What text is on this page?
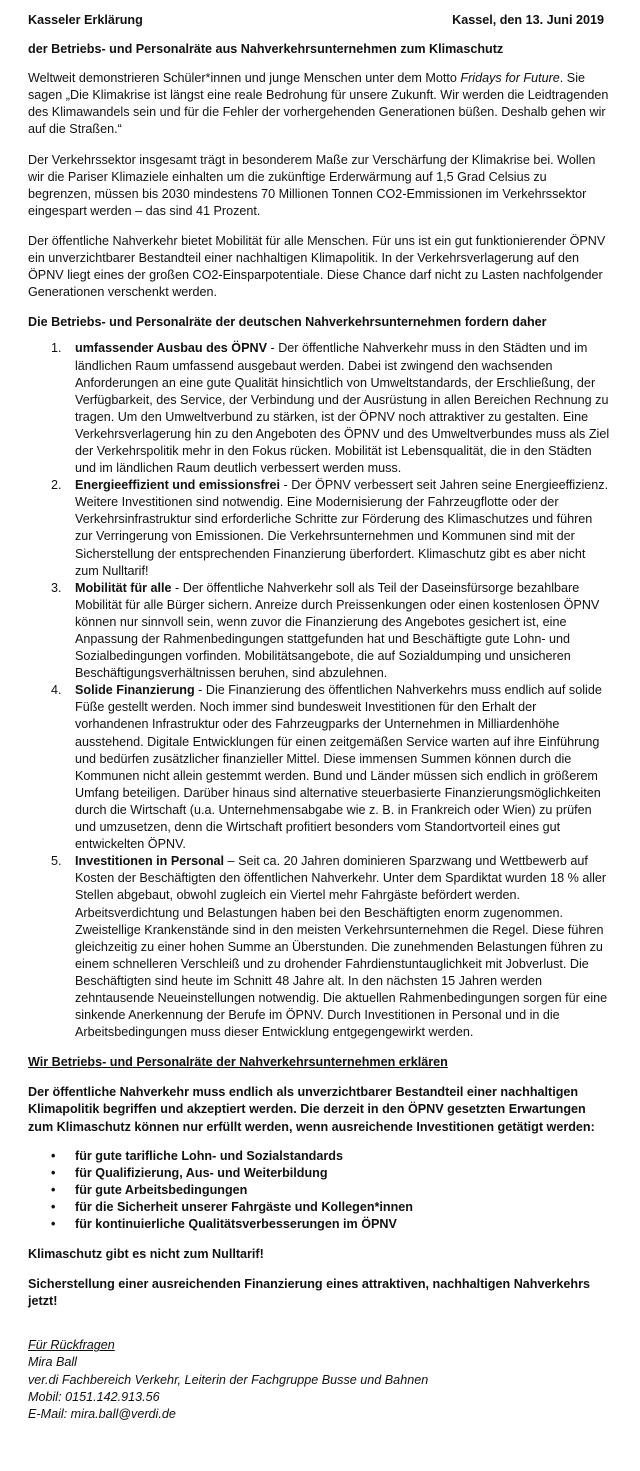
Kasseler Erklärung	Kassel, den 13. Juni 2019

der Betriebs- und Personalräte aus Nahverkehrsunternehmen zum Klimaschutz

Weltweit demonstrieren Schüler*innen und junge Menschen unter dem Motto Fridays for Future. Sie sagen „Die Klimakrise ist längst eine reale Bedrohung für unsere Zukunft. Wir werden die Leidtragenden des Klimawandels sein und für die Fehler der vorhergehenden Generationen büßen. Deshalb gehen wir auf die Straßen.“

Der Verkehrssektor insgesamt trägt in besonderem Maße zur Verschärfung der Klimakrise bei. Wollen wir die Pariser Klimaziele einhalten um die zukünftige Erderwärmung auf 1,5 Grad Celsius zu begrenzen, müssen bis 2030 mindestens 70 Millionen Tonnen CO2-Emmissionen im Verkehrssektor eingespart werden – das sind 41 Prozent.

Der öffentliche Nahverkehr bietet Mobilität für alle Menschen. Für uns ist ein gut funktionierender ÖPNV ein unverzichtbarer Bestandteil einer nachhaltigen Klimapolitik. In der Verkehrsverlagerung auf den ÖPNV liegt eines der großen CO2-Einsparpotentiale. Diese Chance darf nicht zu Lasten nachfolgender Generationen verschenkt werden.

Die Betriebs- und Personalräte der deutschen Nahverkehrsunternehmen fordern daher

1. umfassender Ausbau des ÖPNV - Der öffentliche Nahverkehr muss in den Städten und im ländlichen Raum umfassend ausgebaut werden. Dabei ist zwingend den wachsenden Anforderungen an eine gute Qualität hinsichtlich von Umweltstandards, der Erschließung, der Verfügbarkeit, des Service, der Verbindung und der Ausrüstung in allen Bereichen Rechnung zu tragen. Um den Umweltverbund zu stärken, ist der ÖPNV noch attraktiver zu gestalten. Eine Verkehrsverlagerung hin zu den Angeboten des ÖPNV und des Umweltverbundes muss als Ziel der Verkehrspolitik mehr in den Fokus rücken. Mobilität ist Lebensqualität, die in den Städten und im ländlichen Raum deutlich verbessert werden muss.
2. Energieeffizient und emissionsfrei - Der ÖPNV verbessert seit Jahren seine Energieeffizienz. Weitere Investitionen sind notwendig. Eine Modernisierung der Fahrzeugflotte oder der Verkehrsinfrastruktur sind erforderliche Schritte zur Förderung des Klimaschutzes und führen zur Verringerung von Emissionen. Die Verkehrsunternehmen und Kommunen sind mit der Sicherstellung der entsprechenden Finanzierung überfordert. Klimaschutz gibt es aber nicht zum Nulltarif!
3. Mobilität für alle - Der öffentliche Nahverkehr soll als Teil der Daseinsfürsorge bezahlbare Mobilität für alle Bürger sichern. Anreize durch Preissenkungen oder einen kostenlosen ÖPNV können nur sinnvoll sein, wenn zuvor die Finanzierung des Angebotes gesichert ist, eine Anpassung der Rahmenbedingungen stattgefunden hat und Beschäftigte gute Lohn- und Sozialbedingungen vorfinden. Mobilitätsangebote, die auf Sozialdumping und unsicheren Beschäftigungsverhältnissen beruhen, sind abzulehnen.
4. Solide Finanzierung - Die Finanzierung des öffentlichen Nahverkehrs muss endlich auf solide Füße gestellt werden. Noch immer sind bundesweit Investitionen für den Erhalt der vorhandenen Infrastruktur oder des Fahrzeugparks der Unternehmen in Milliardenhöhe ausstehend. Digitale Entwicklungen für einen zeitgemäßen Service warten auf ihre Einführung und bedürfen zusätzlicher finanzieller Mittel. Diese immensen Summen können durch die Kommunen nicht allein gestemmt werden. Bund und Länder müssen sich endlich in größerem Umfang beteiligen. Darüber hinaus sind alternative steuerbasierte Finanzierungsmöglichkeiten durch die Wirtschaft (u.a. Unternehmensabgabe wie z. B. in Frankreich oder Wien) zu prüfen und umzusetzen, denn die Wirtschaft profitiert besonders vom Standortvorteil eines gut entwickelten ÖPNV.
5. Investitionen in Personal – Seit ca. 20 Jahren dominieren Sparzwang und Wettbewerb auf Kosten der Beschäftigten den öffentlichen Nahverkehr. Unter dem Spardiktat wurden 18 % aller Stellen abgebaut, obwohl zugleich ein Viertel mehr Fahrgäste befördert werden. Arbeitsverdichtung und Belastungen haben bei den Beschäftigten enorm zugenommen. Zweistellige Krankenstände sind in den meisten Verkehrsunternehmen die Regel. Diese führen gleichzeitig zu einer hohen Summe an Überstunden. Die zunehmenden Belastungen führen zu einem schnelleren Verschleiß und zu drohender Fahrdienstuntauglichkeit mit Jobverlust. Die Beschäftigten sind heute im Schnitt 48 Jahre alt. In den nächsten 15 Jahren werden zehntausende Neueinstellungen notwendig. Die aktuellen Rahmenbedingungen sorgen für eine sinkende Anerkennung der Berufe im ÖPNV. Durch Investitionen in Personal und in die Arbeitsbedingungen muss dieser Entwicklung entgegengewirkt werden.

Wir Betriebs- und Personalräte der Nahverkehrsunternehmen erklären

Der öffentliche Nahverkehr muss endlich als unverzichtbarer Bestandteil einer nachhaltigen Klimapolitik begriffen und akzeptiert werden. Die derzeit in den ÖPNV gesetzten Erwartungen zum Klimaschutz können nur erfüllt werden, wenn ausreichende Investitionen getätigt werden:

• für gute tarifliche Lohn- und Sozialstandards
• für Qualifizierung, Aus- und Weiterbildung
• für gute Arbeitsbedingungen
• für die Sicherheit unserer Fahrgäste und Kollegen*innen
• für kontinuierliche Qualitätsverbesserungen im ÖPNV

Klimaschutz gibt es nicht zum Nulltarif!

Sicherstellung einer ausreichenden Finanzierung eines attraktiven, nachhaltigen Nahverkehrs jetzt!

Für Rückfragen
Mira Ball
ver.di Fachbereich Verkehr, Leiterin der Fachgruppe Busse und Bahnen
Mobil: 0151.142.913.56
E-Mail: mira.ball@verdi.de
